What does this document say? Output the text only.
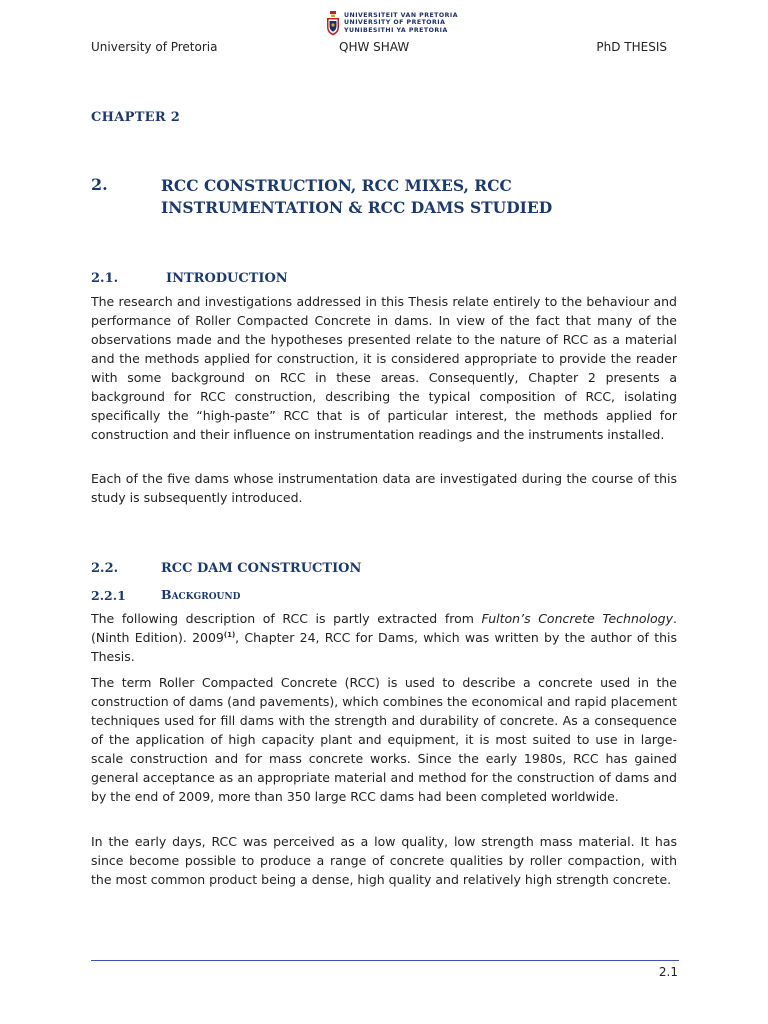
UNIVERSITEIT VAN PRETORIA
UNIVERSITY OF PRETORIA
YUNIBESITHI YA PRETORIA
University of Pretoria	QHW SHAW	PhD THESIS
CHAPTER 2
2.	RCC CONSTRUCTION, RCC MIXES, RCC
INSTRUMENTATION & RCC DAMS STUDIED
2.1.	INTRODUCTION

The research and investigations addressed in this Thesis relate entirely to the behaviour and performance of Roller Compacted Concrete in dams. In view of the fact that many of the observations made and the hypotheses presented relate to the nature of RCC as a material and the methods applied for construction, it is considered appropriate to provide the reader with some background on RCC in these areas. Consequently, Chapter 2 presents a background for RCC construction, describing the typical composition of RCC, isolating specifically the “high-paste” RCC that is of particular interest, the methods applied for construction and their influence on instrumentation readings and the instruments installed.

Each of the five dams whose instrumentation data are investigated during the course of this study is subsequently introduced.

2.2.	RCC DAM CONSTRUCTION
2.2.1	Background

The following description of RCC is partly extracted from Fulton’s Concrete Technology. (Ninth Edition). 2009$^{(1)}$, Chapter 24, RCC for Dams, which was written by the author of this Thesis.

The term Roller Compacted Concrete (RCC) is used to describe a concrete used in the construction of dams (and pavements), which combines the economical and rapid placement techniques used for fill dams with the strength and durability of concrete. As a consequence of the application of high capacity plant and equipment, it is most suited to use in large-scale construction and for mass concrete works. Since the early 1980s, RCC has gained general acceptance as an appropriate material and method for the construction of dams and by the end of 2009, more than 350 large RCC dams had been completed worldwide.

In the early days, RCC was perceived as a low quality, low strength mass material. It has since become possible to produce a range of concrete qualities by roller compaction, with the most common product being a dense, high quality and relatively high strength concrete.

2.1
